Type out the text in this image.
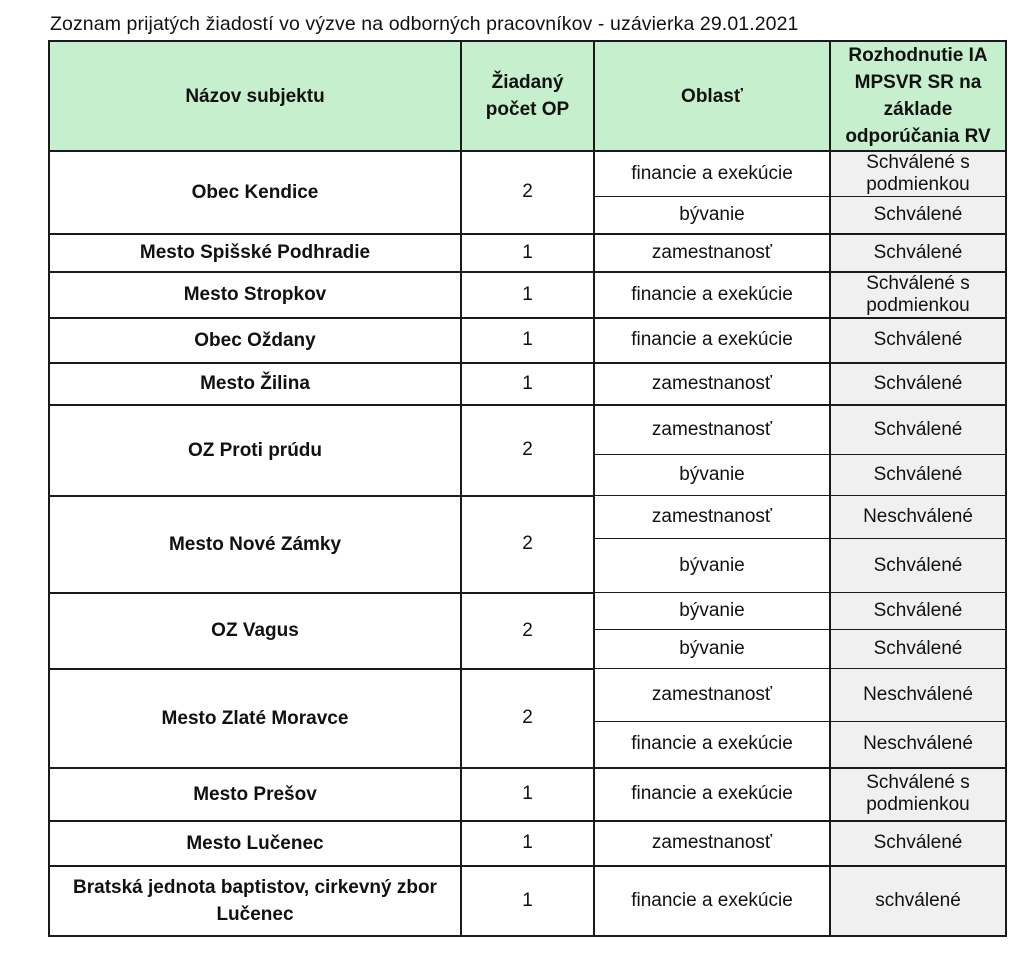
Zoznam prijatých žiadostí vo výzve na odborných pracovníkov - uzávierka 29.01.2021
Názov subjektu	Žiadaný počet OP	Oblasť	Rozhodnutie IA MPSVR SR na základe odporúčania RV
Obec Kendice	2	financie a exekúcie	Schválené s podmienkou
		bývanie	Schválené
Mesto Spišské Podhradie	1	zamestnanosť	Schválené
Mesto Stropkov	1	financie a exekúcie	Schválené s podmienkou
Obec Oždany	1	financie a exekúcie	Schválené
Mesto Žilina	1	zamestnanosť	Schválené
OZ Proti prúdu	2	zamestnanosť	Schválené
		bývanie	Schválené
Mesto Nové Zámky	2	zamestnanosť	Neschválené
		bývanie	Schválené
OZ Vagus	2	bývanie	Schválené
		bývanie	Schválené
Mesto Zlaté Moravce	2	zamestnanosť	Neschválené
		financie a exekúcie	Neschválené
Mesto Prešov	1	financie a exekúcie	Schválené s podmienkou
Mesto Lučenec	1	zamestnanosť	Schválené
Bratská jednota baptistov, cirkevný zbor Lučenec	1	financie a exekúcie	schválené
